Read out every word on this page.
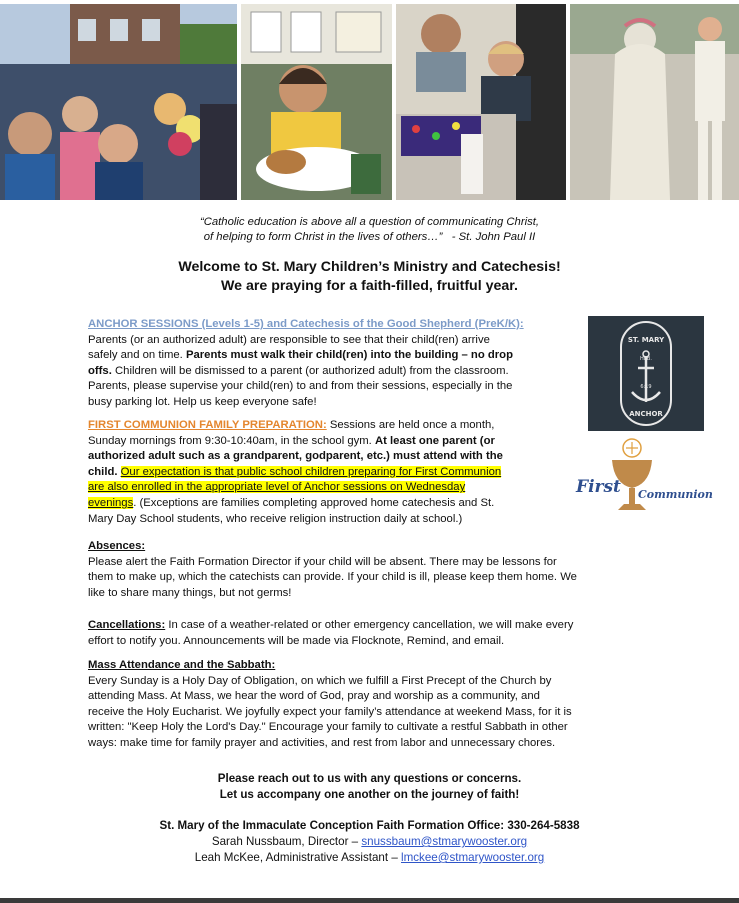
“Catholic education is above all a question of communicating Christ,
of helping to form Christ in the lives of others…”   - St. John Paul II
Welcome to St. Mary Children’s Ministry and Catechesis!
We are praying for a faith-filled, fruitful year.
ANCHOR SESSIONS (Levels 1-5) and Catechesis of the Good Shepherd (PreK/K):
Parents (or an authorized adult) are responsible to see that their child(ren) arrive
safely and on time. Parents must walk their child(ren) into the building – no drop
offs. Children will be dismissed to a parent (or authorized adult) from the classroom.
Parents, please supervise your child(ren) to and from their sessions, especially in the
busy parking lot. Help us keep everyone safe!
ST. MARY
HEB.
6:19
ANCHOR
FIRST COMMUNION FAMILY PREPARATION: Sessions are held once a month,
Sunday mornings from 9:30-10:40am, in the school gym. At least one parent (or
authorized adult such as a grandparent, godparent, etc.) must attend with the
child. Our expectation is that public school children preparing for First Communion
are also enrolled in the appropriate level of Anchor sessions on Wednesday
evenings. (Exceptions are families completing approved home catechesis and St.
Mary Day School students, who receive religion instruction daily at school.)
First Communion
Absences:
Please alert the Faith Formation Director if your child will be absent. There may be lessons for
them to make up, which the catechists can provide. If your child is ill, please keep them home. We
like to share many things, but not germs!
Cancellations: In case of a weather-related or other emergency cancellation, we will make every
effort to notify you. Announcements will be made via Flocknote, Remind, and email.
Mass Attendance and the Sabbath:
Every Sunday is a Holy Day of Obligation, on which we fulfill a First Precept of the Church by
attending Mass. At Mass, we hear the word of God, pray and worship as a community, and
receive the Holy Eucharist. We joyfully expect your family’s attendance at weekend Mass, for it is
written: "Keep Holy the Lord's Day." Encourage your family to cultivate a restful Sabbath in other
ways: make time for family prayer and activities, and rest from labor and unnecessary chores.
Please reach out to us with any questions or concerns.
Let us accompany one another on the journey of faith!
St. Mary of the Immaculate Conception Faith Formation Office: 330-264-5838
Sarah Nussbaum, Director – snussbaum@stmarywooster.org
Leah McKee, Administrative Assistant – lmckee@stmarywooster.org
